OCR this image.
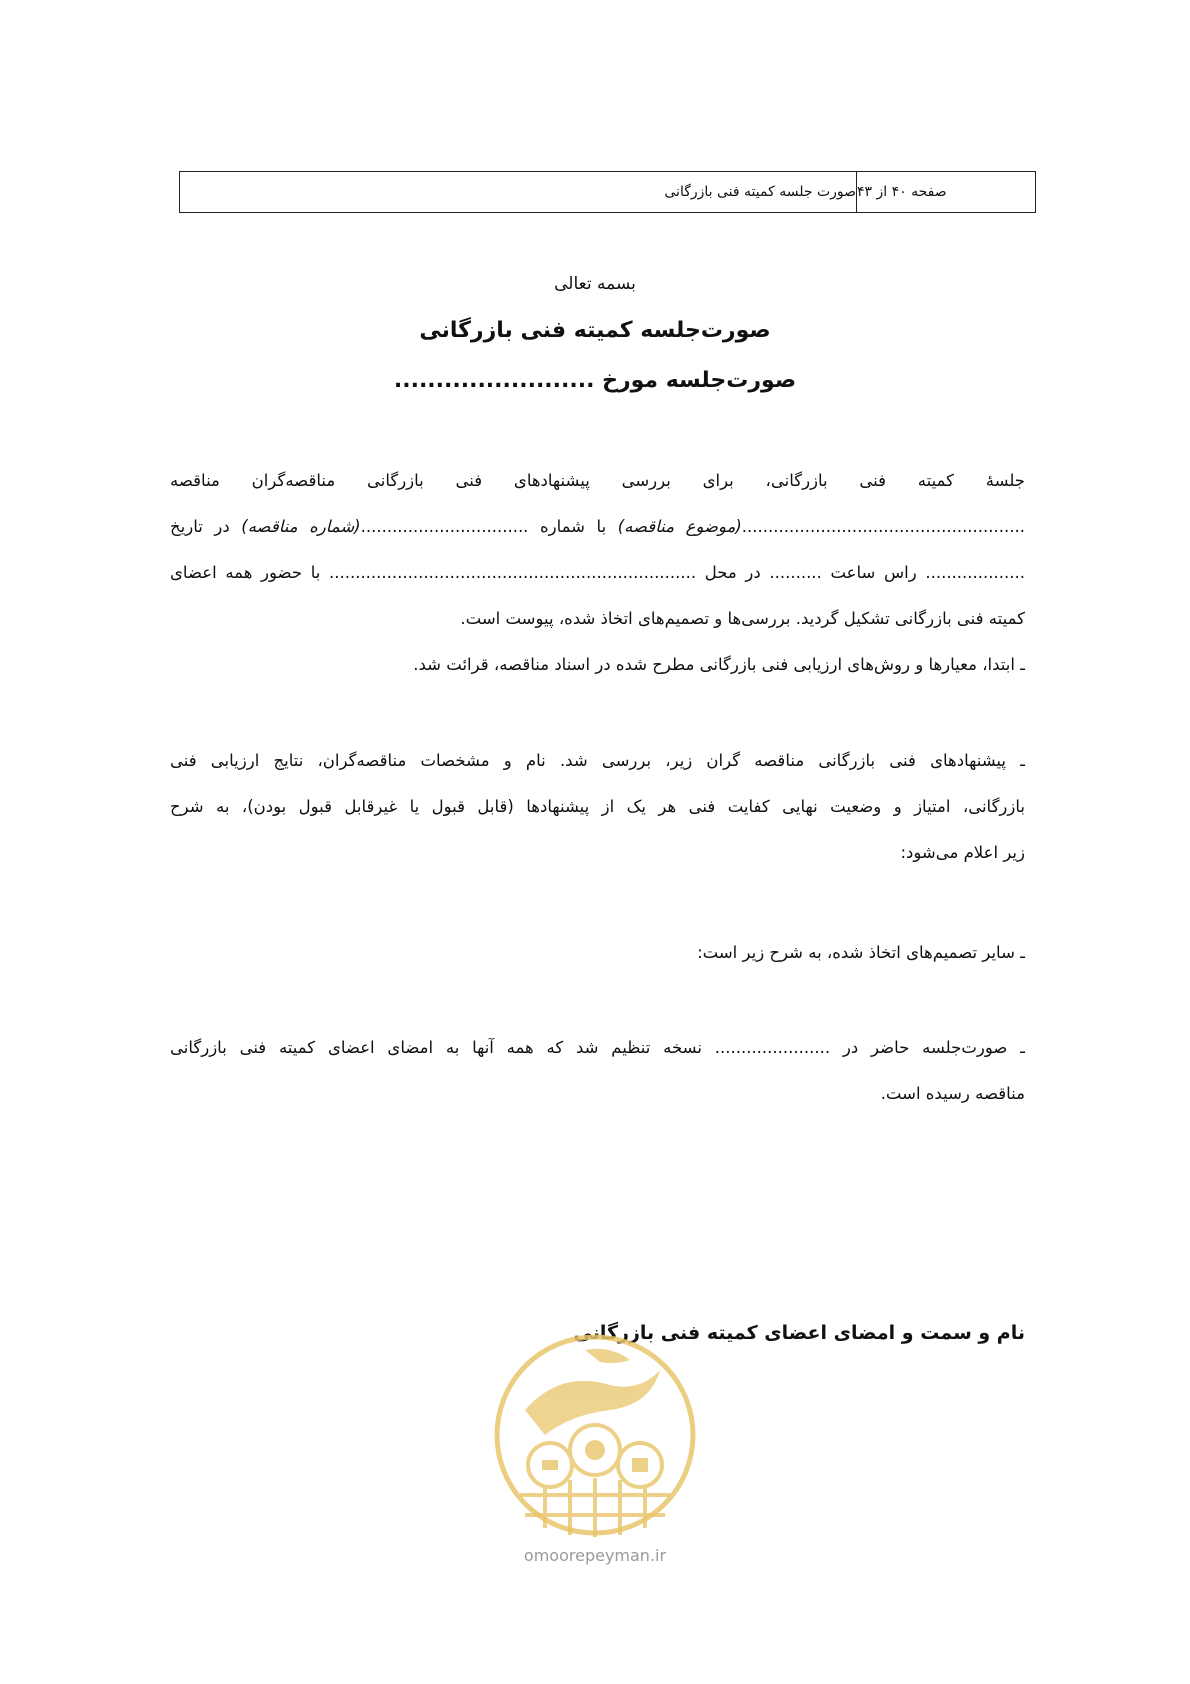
صورت جلسه کمیته فنی بازرگانی صفحه ۴۰ از ۴۳
بسمه تعالی
صورت‌جلسه کمیته فنی بازرگانی
صورت‌جلسه مورخ ........................

جلسۀ کمیته فنی بازرگانی، برای بررسی پیشنهادهای فنی بازرگانی مناقصه‌گران مناقصه

......................................................(موضوع مناقصه) با شماره ................................(شماره مناقصه) در تاریخ

................... راس ساعت .......... در محل ...................................................................... با حضور همه اعضای

کمیته فنی بازرگانی تشکیل گردید. بررسی‌ها و تصمیم‌های اتخاذ شده، پیوست است.

ـ ابتدا، معیارها و روش‌های ارزیابی فنی بازرگانی مطرح شده در اسناد مناقصه، قرائت شد.

ـ پیشنهادهای فنی بازرگانی مناقصه گران زیر، بررسی شد. نام و مشخصات مناقصه‌گران، نتایج ارزیابی فنی

بازرگانی، امتیاز و وضعیت نهایی کفایت فنی هر یک از پیشنهادها (قابل قبول یا غیرقابل قبول بودن)، به شرح

زیر اعلام می‌شود:

ـ سایر تصمیم‌های اتخاذ شده، به شرح زیر است:

ـ صورت‌جلسه حاضر در ...................... نسخه تنظیم شد که همه آنها به امضای اعضای کمیته فنی بازرگانی

مناقصه رسیده است.

نام و سمت و امضای اعضای کمیته فنی بازرگانی
omoorepeyman.ir
